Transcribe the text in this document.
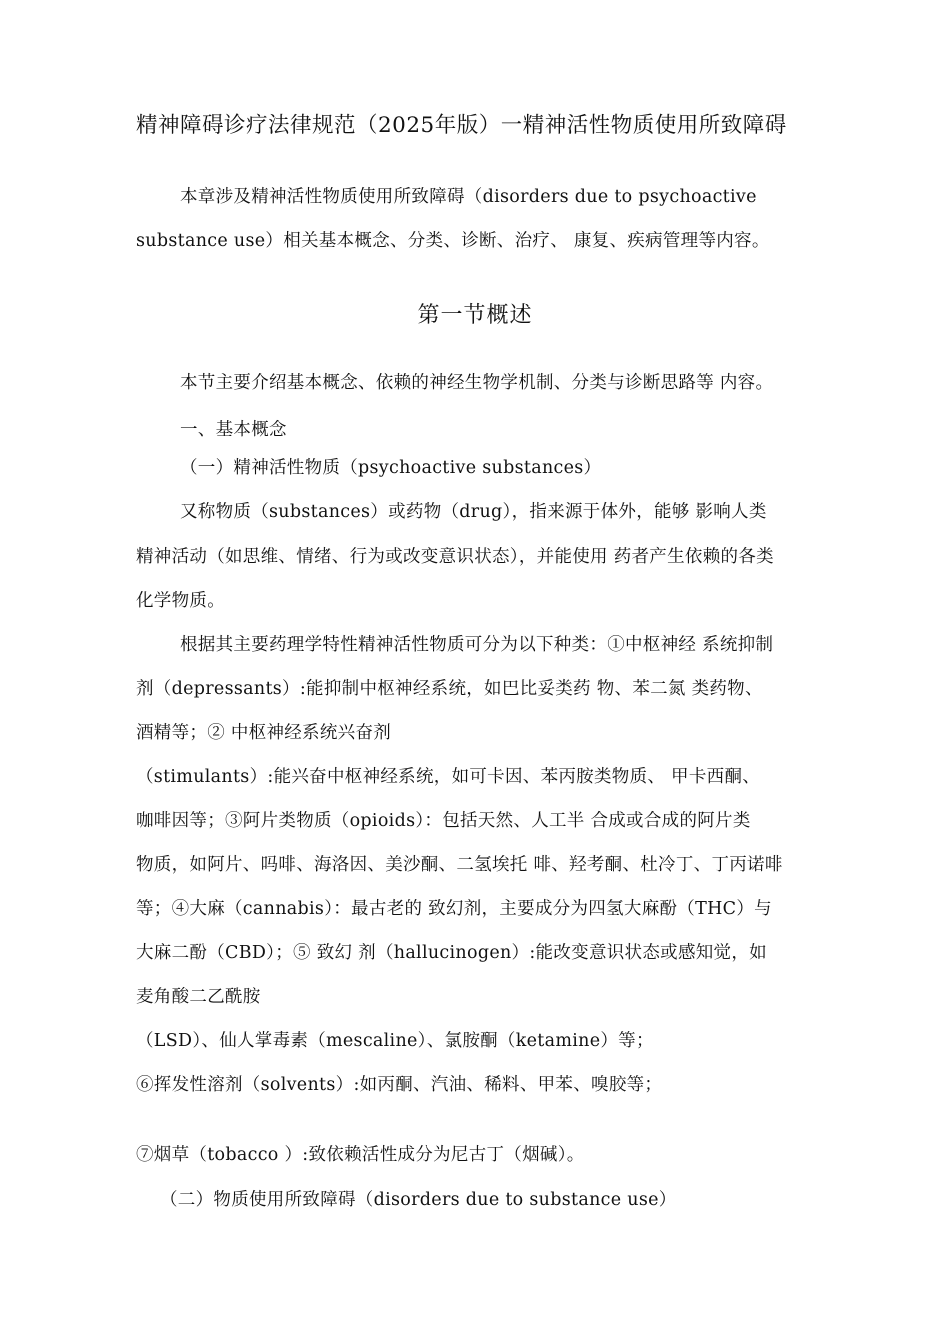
精神障碍诊疗法律规范（2025年版）一精神活性物质使用所致障碍
本章涉及精神活性物质使用所致障碍（disorders due to psychoactive
substance use）相关基本概念、分类、诊断、治疗、 康复、疾病管理等内容。
第一节概述
本节主要介绍基本概念、依赖的神经生物学机制、分类与诊断思路等 内容。
一、基本概念
（一）精神活性物质（psychoactive substances）
又称物质（substances）或药物（drug），指来源于体外，能够 影响人类
精神活动（如思维、情绪、行为或改变意识状态），并能使用 药者产生依赖的各类
化学物质。
根据其主要药理学特性精神活性物质可分为以下种类：①中枢神经 系统抑制
剂（depressants）:能抑制中枢神经系统，如巴比妥类药 物、苯二氮 类药物、
酒精等；② 中枢神经系统兴奋剂
（stimulants）:能兴奋中枢神经系统，如可卡因、苯丙胺类物质、 甲卡西酮、
咖啡因等；③阿片类物质（opioids）：包括天然、人工半 合成或合成的阿片类
物质，如阿片、吗啡、海洛因、美沙酮、二氢埃托 啡、羟考酮、杜冷丁、丁丙诺啡
等；④大麻（cannabis）：最古老的 致幻剂，主要成分为四氢大麻酚（THC）与
大麻二酚（CBD）；⑤ 致幻 剂（hallucinogen）:能改变意识状态或感知觉，如
麦角酸二乙酰胺
（LSD）、仙人掌毒素（mescaline）、氯胺酮（ketamine）等；
⑥挥发性溶剂（solvents）:如丙酮、汽油、稀料、甲苯、嗅胶等；
⑦烟草（tobacco ）:致依赖活性成分为尼古丁（烟碱）。
（二）物质使用所致障碍（disorders due to substance use）
